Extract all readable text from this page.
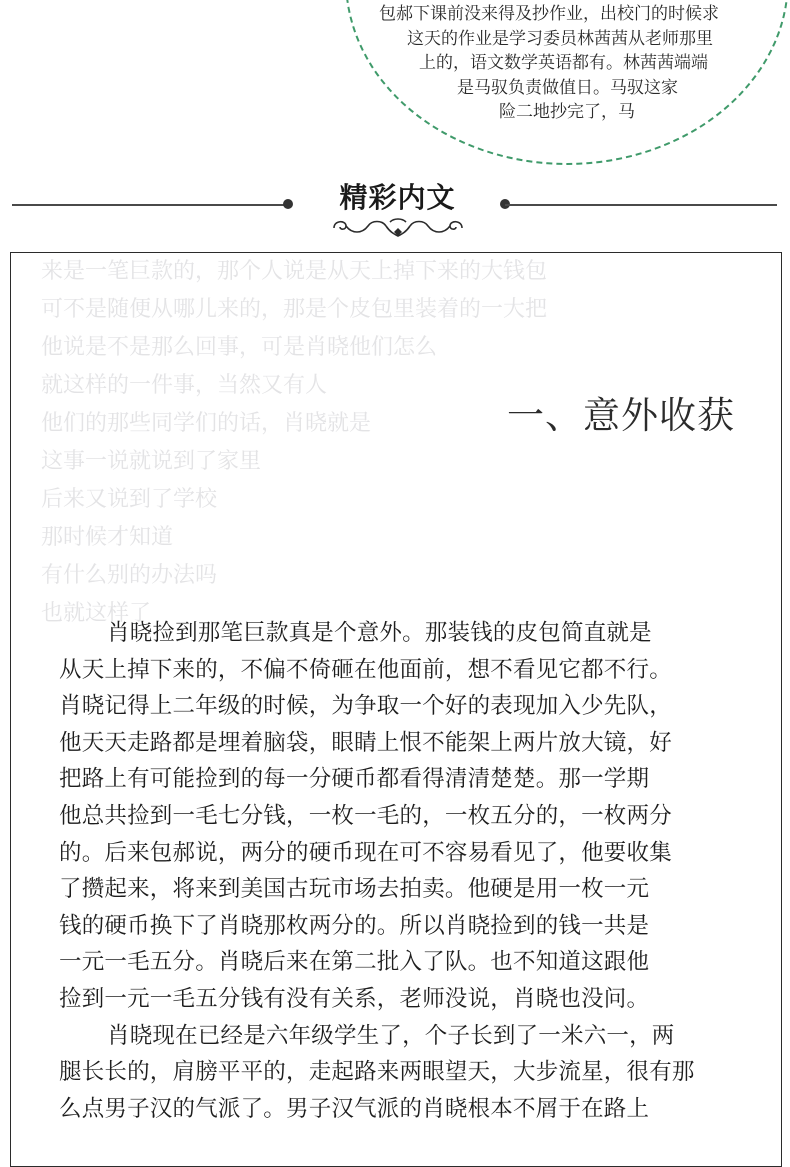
包郝下课前没来得及抄作业，出校门的时候求
这天的作业是学习委员林茜茜从老师那里
上的，语文数学英语都有。林茜茜端端
是马驭负责做值日。马驭这家
险二地抄完了，马
精彩内文
来是一笔巨款的，那个人说是从天上掉下来的大钱包
可不是随便从哪儿来的，那是个皮包里装着的一大把
他说是不是那么回事，可是肖晓他们怎么
就这样的一件事，当然又有人
他们的那些同学们的话，肖晓就是
这事一说就说到了家里
后来又说到了学校
那时候才知道
有什么别的办法吗
也就这样了
一、意外收获
肖晓捡到那笔巨款真是个意外。那装钱的皮包简直就是
从天上掉下来的，不偏不倚砸在他面前，想不看见它都不行。
肖晓记得上二年级的时候，为争取一个好的表现加入少先队，
他天天走路都是埋着脑袋，眼睛上恨不能架上两片放大镜，好
把路上有可能捡到的每一分硬币都看得清清楚楚。那一学期
他总共捡到一毛七分钱，一枚一毛的，一枚五分的，一枚两分
的。后来包郝说，两分的硬币现在可不容易看见了，他要收集
了攒起来，将来到美国古玩市场去拍卖。他硬是用一枚一元
钱的硬币换下了肖晓那枚两分的。所以肖晓捡到的钱一共是
一元一毛五分。肖晓后来在第二批入了队。也不知道这跟他
捡到一元一毛五分钱有没有关系，老师没说，肖晓也没问。
肖晓现在已经是六年级学生了，个子长到了一米六一，两
腿长长的，肩膀平平的，走起路来两眼望天，大步流星，很有那
么点男子汉的气派了。男子汉气派的肖晓根本不屑于在路上
